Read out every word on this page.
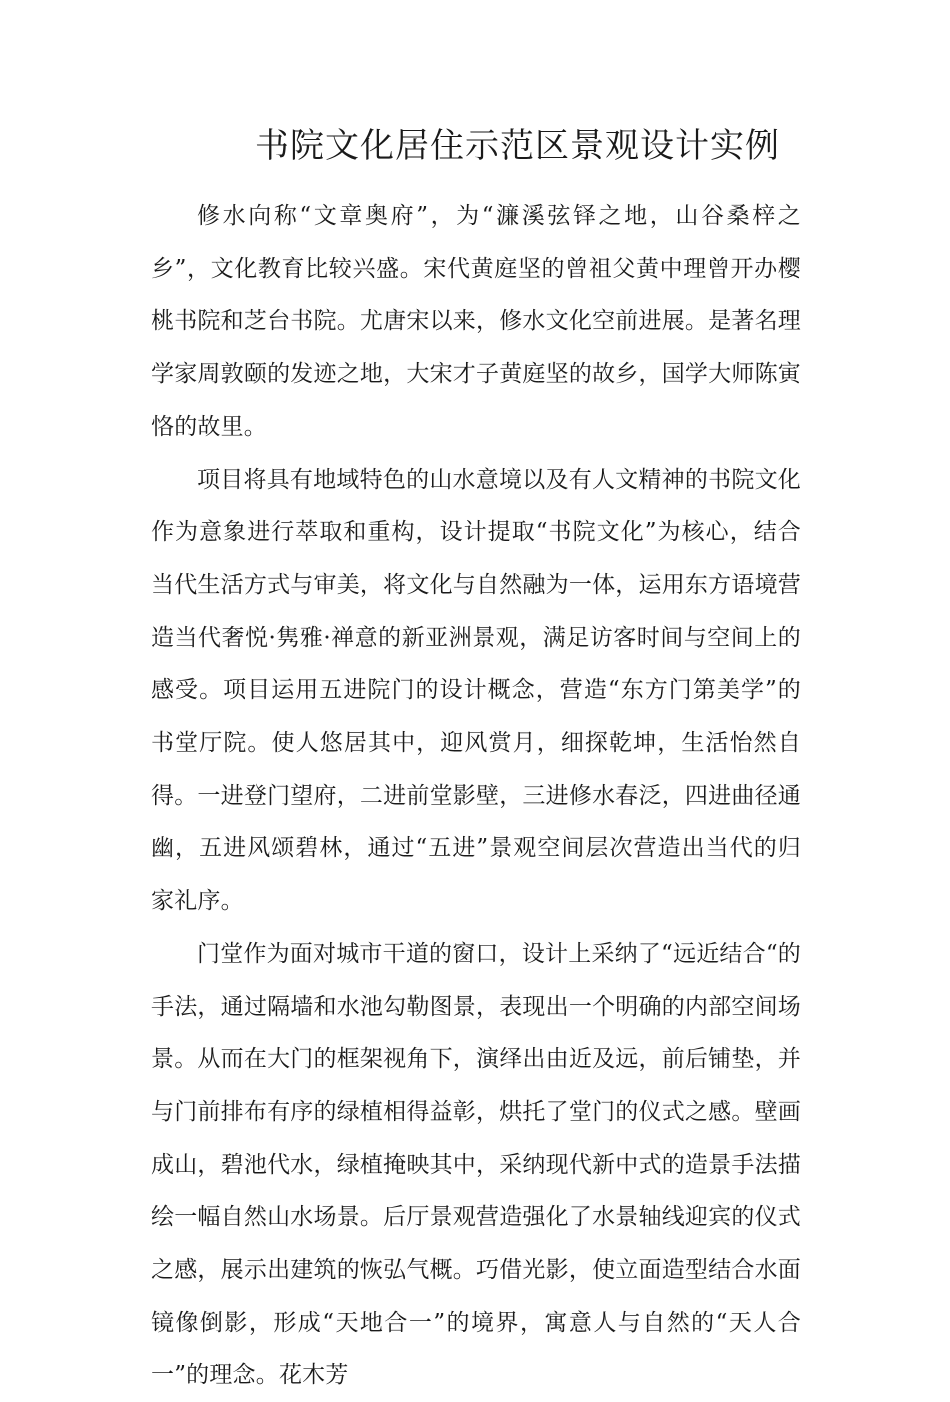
书院文化居住示范区景观设计实例

修水向称“文章奥府”，为“濂溪弦铎之地，山谷桑梓之乡”，文化教育比较兴盛。宋代黄庭坚的曾祖父黄中理曾开办樱桃书院和芝台书院。尤唐宋以来，修水文化空前进展。是著名理学家周敦颐的发迹之地，大宋才子黄庭坚的故乡，国学大师陈寅恪的故里。

项目将具有地域特色的山水意境以及有人文精神的书院文化作为意象进行萃取和重构，设计提取“书院文化”为核心，结合当代生活方式与审美，将文化与自然融为一体，运用东方语境营造当代奢悦·隽雅·禅意的新亚洲景观，满足访客时间与空间上的感受。项目运用五进院门的设计概念，营造“东方门第美学”的书堂厅院。使人悠居其中，迎风赏月，细探乾坤，生活怡然自得。一进登门望府，二进前堂影壁，三进修水春泛，四进曲径通幽，五进风颂碧林，通过“五进”景观空间层次营造出当代的归家礼序。

门堂作为面对城市干道的窗口，设计上采纳了“远近结合“的手法，通过隔墙和水池勾勒图景，表现出一个明确的内部空间场景。从而在大门的框架视角下，演绎出由近及远，前后铺垫，并与门前排布有序的绿植相得益彰，烘托了堂门的仪式之感。壁画成山，碧池代水，绿植掩映其中，采纳现代新中式的造景手法描绘一幅自然山水场景。后厅景观营造强化了水景轴线迎宾的仪式之感，展示出建筑的恢弘气概。巧借光影，使立面造型结合水面镜像倒影，形成“天地合一”的境界，寓意人与自然的“天人合一”的理念。花木芳
